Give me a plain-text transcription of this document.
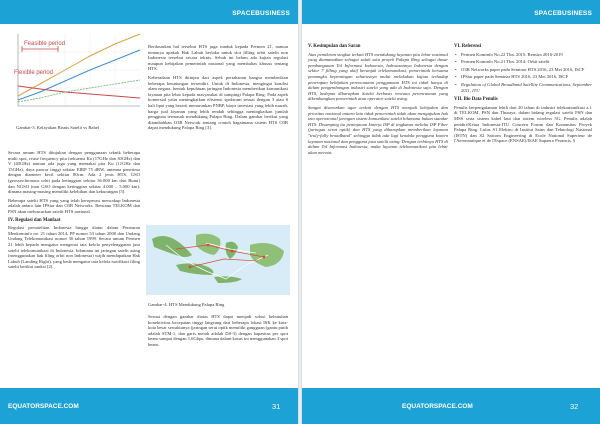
SPACEBUSINESS
Feasible period
Flexible period
Gambar-3. Kelayakan Bisnis Satelit vs Rahel

Secara umum HTS ditujukan dengan penggunaan teknik beberapa multi spot, reuse frequency pita frekuensi Ka (17GHz dan 30GHz) dan V (40GHz) namun ada juga yang memakai pita Ku (11GHz dan 15GHz), daya pancar tinggi sekitar EIRP 75 dBW, antenna penerima dengan diameter kecil sekitar 80cm. Ada 2 jenis HTS, GSO (geosynchronous orbit pada ketinggian sekitar 36.000 km dari Bumi) dan NGSO (non GSO dengan ketinggian sekitar 4.000 – 5.000 km), dimana masing-masing memiliki kelebihan dan kekurangan [5].

Beberapa satelit HTS yang yang telah beroperasi mencakup Indonesia adalah antara lain IPStar dan O3B Networks. Rencana TELKOM dan PSN akan meluncurkan satelit HTS nasional.

IV. Regulasi dan Manfaat

Regulasi persatelitan Indonesia hingga diatur dalam Peraturan Menkominfo no. 21 tahun 2014, PP nomor 53 tahun 2000 dan Undang Undang Telekomunikasi nomor 36 tahun 1999. Secara umum Permen 21 lebih kepada mengatur mengenai tata kelola penyelenggaran jasa satelit telekomunikasi di Indonesia, bilamana ini jaringan satelit asing (menggunakan hak filing orbit non Indonesia) wajib mendapatkan Hak Labuh (Landing Right), yang beda mengatur tata kelola notifikasi filing satelit berikut sanksi [2].

Berdasarkan hal tersebut HTS juga tunduk kepada Permen 21, namun tentunya apakah Hak Labuh berlaku untuk slot filling orbit satelit non Indonesia tersebut secara teknis. Sebab ini belum ada kajian regulasi maupun kebijakan pemerintah nasional yang membahas khusus tentang HTS.

Keberadaan HTS ditinjau dari aspek pertahanan bangsa memberikan beberapa keuntungan tersendiri. Untuk di Indonesia, mengingat kondisi alam negara, bentuk kepulauan jaringan Indonesia memberikan komunikasi layanan pita lebar kepada masyarakat di sampingi Palapa Ring. Pada aspek komersial yaitu meningkatkan efisiensi spektrum sesuai dengan 3 atau 6 kali lipat yang berarti menurunkan PNBP, biaya investasi yang lebih murah, harga jual layanan yang lebih rendah sehingga meningkatkan jumlah pengguna termasuk mendukung Palapa Ring. Dalam gambar berikut yang ditambahkan O3B Network tentang contoh bagaimana sistem HTS O3B dapat mendukung Palapa Ring [3].

Gambar-4. HTS Mendukung Palapa Ring

Sesuai dengan gambar diatas HTS dapat menjadi solusi kebutuhan konektivitas kecepatan tinggi langsung dari beberapa lokasi ISK ke kota-kota besar sewaktunya (jaringan serat optik memiliki gangguan (gantu putih adalah STM-1, dan garis merah adalah DS-3) dengan kapasitas per spot beam sampai dengan 1,6Gbps, dimana dalam kasus ini menggunakan 3 spot beam.

EQUATORSPACE.COM	31
SPACEBUSINESS
V. Kesimpulan dan Saran

Atas pemikiran singkat terkait HTS mendukung layanan pita lebar nasional yang diamanatkan sebagai salah satu proyek Palapa Ring sebagai dasar pembangunan Tol Informasi Indonesia, bahwasannya Indonesia dengan sektor 7 filling yang aktif beranjak telekomunikasi, pemerintah bersama pemangku kepentingan seharusnya mulai melakukan kajian terhadap penerapan kebijakan perencanaan penggunaan HTS ini tidak hanya di dalam pengembangan industri satelit yang ada di Indonesia saja. Dengan HTS, kedepan diharapkan Satelit berbasis rencana perencanaan yang dikembangkan pemerintah atau operator satelit asing.

Sangat disarankan agar terkait dengan HTS menjadi kebijakan dan prioritas nasional antara lain tidak pemerintah tidak akan mengajukan hak izin operasional jaringan sistem komunikasi satelit bilamana bukan standar HTS. Disamping itu peninjauan kinerja ISP di tingkatan melalui ISP Fiber (jaringan serat optik) dan HTS yang diharapkan memberikan layanan "truly-fully broadband" sehingga tidak ada lagi kendala pengguna konten layanan nasional dan pengguna jasa satelit asing. Dengan terbitnya HTS di dalam Tol Informasi Indonesia, maka layanan telekomunikasi pita lebar akan merata.

VI. Referensi
• Permen Kominfo No.22 Thn. 2015: Renstra 2016-2019
• Permen Kominfo No.21 Thn. 2014: Orbit satelit
• O3B Networks paper pada Seminar HTS 2016, 23 Mei 2016, ISCF
• IPStar paper pada Seminar HTS 2016, 23 Mei 2016, ISCF
• Regulation of Global Broadband Satellite Communications, September 2011, ITU
VII. Bio Data Penulis

Penulis berpengalaman lebih dari 20 tahun di industri telekomunikasi a.l. di TELKOM, PSN dan Thuraya, dalam bidang regulasi satelit PSN dan MSS serta sistem kabel laut dan sistem wireless 5G. Penulis adalah pendiri/Ketua Indonesia-ITU Concern Forum dan Komunitas Proyek Palapa Ring. Lulus S1 Elektro di Institut Sains dan Teknologi Nasional (ISTN) dan S2 Satcom Engineering di Ecole National Superieur de l'Aeronautique et de l'Espace (ENSAE)/ISAE Supaero Perancis. §

EQUATORSPACE.COM	32
